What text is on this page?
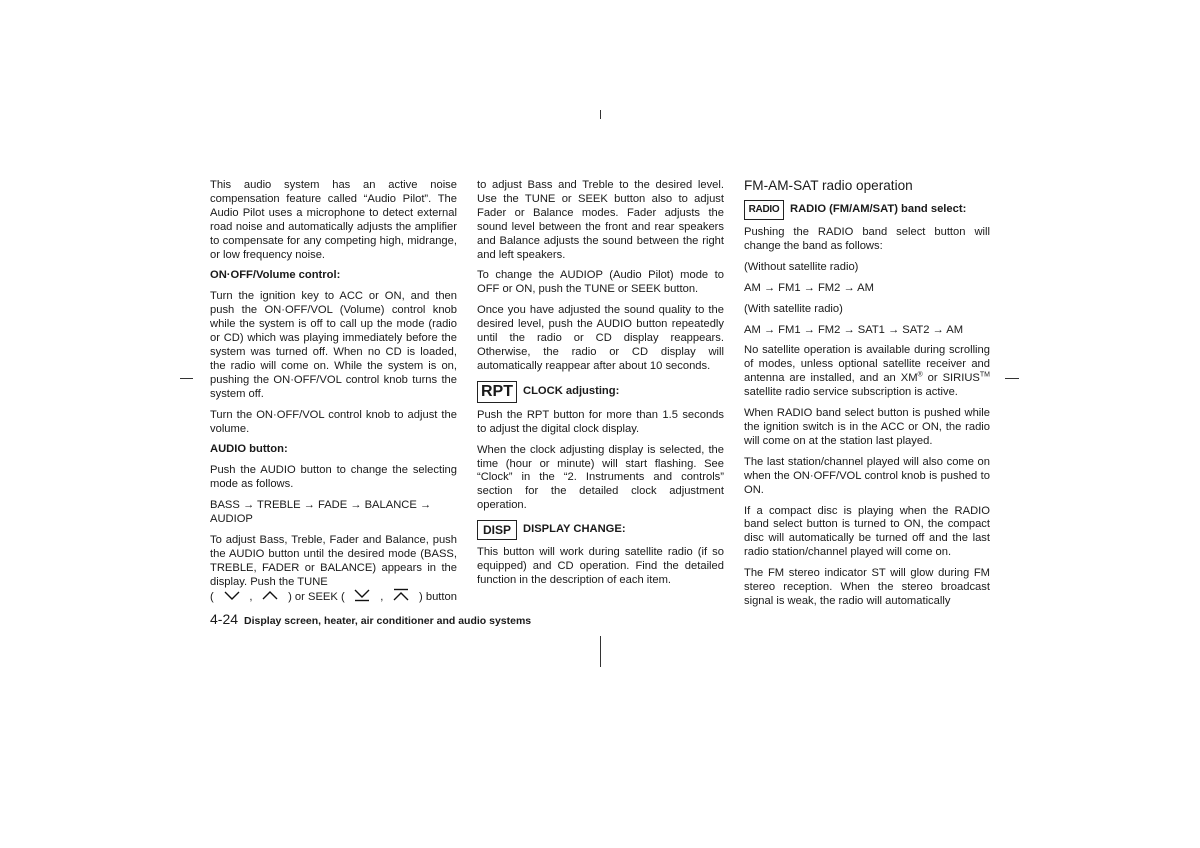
This audio system has an active noise compensation feature called “Audio Pilot”. The Audio Pilot uses a microphone to detect external road noise and automatically adjusts the amplifier to compensate for any competing high, midrange, or low frequency noise.

ON·OFF/Volume control:

Turn the ignition key to ACC or ON, and then push the ON·OFF/VOL (Volume) control knob while the system is off to call up the mode (radio or CD) which was playing immediately before the system was turned off. When no CD is loaded, the radio will come on. While the system is on, pushing the ON·OFF/VOL control knob turns the system off.

Turn the ON·OFF/VOL control knob to adjust the volume.

AUDIO button:

Push the AUDIO button to change the selecting mode as follows.

BASS → TREBLE → FADE → BALANCE → AUDIOP

To adjust Bass, Treble, Fader and Balance, push the AUDIO button until the desired mode (BASS, TREBLE, FADER or BALANCE) appears in the display. Push the TUNE

(	,	) or SEEK (	,	) button

to adjust Bass and Treble to the desired level. Use the TUNE or SEEK button also to adjust Fader or Balance modes. Fader adjusts the sound level between the front and rear speakers and Balance adjusts the sound between the right and left speakers.

To change the AUDIOP (Audio Pilot) mode to OFF or ON, push the TUNE or SEEK button.

Once you have adjusted the sound quality to the desired level, push the AUDIO button repeatedly until the radio or CD display reappears. Otherwise, the radio or CD display will automatically reappear after about 10 seconds.

RPT CLOCK adjusting:

Push the RPT button for more than 1.5 seconds to adjust the digital clock display.

When the clock adjusting display is selected, the time (hour or minute) will start flashing. See “Clock” in the “2. Instruments and controls” section for the detailed clock adjustment operation.

DISP	DISPLAY CHANGE:

This button will work during satellite radio (if so equipped) and CD operation. Find the detailed function in the description of each item.

FM-AM-SAT radio operation
RADIO RADIO (FM/AM/SAT) band select:

Pushing the RADIO band select button will change the band as follows:

(Without satellite radio)

AM → FM1 → FM2 → AM

(With satellite radio)

AM → FM1 → FM2 → SAT1 → SAT2 → AM

No satellite operation is available during scrolling of modes, unless optional satellite receiver and antenna are installed, and an XM® or SIRIUS™ satellite radio service subscription is active.

When RADIO band select button is pushed while the ignition switch is in the ACC or ON, the radio will come on at the station last played.

The last station/channel played will also come on when the ON·OFF/VOL control knob is pushed to ON.

If a compact disc is playing when the RADIO band select button is turned to ON, the compact disc will automatically be turned off and the last radio station/channel played will come on.

The FM stereo indicator ST will glow during FM stereo reception. When the stereo broadcast signal is weak, the radio will automatically

4-24 Display screen, heater, air conditioner and audio systems
